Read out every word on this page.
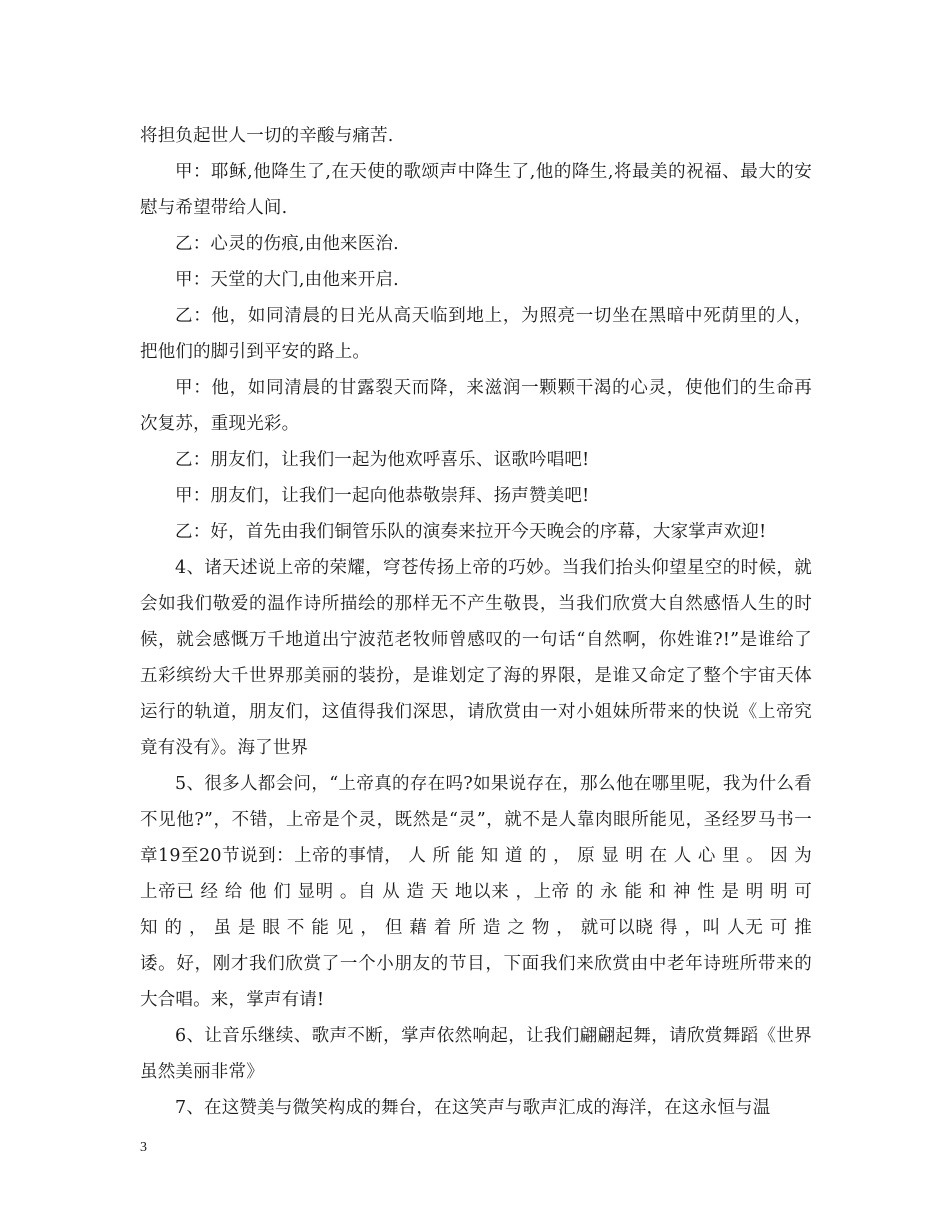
将担负起世人一切的辛酸与痛苦.

甲：耶稣,他降生了,在天使的歌颂声中降生了,他的降生,将最美的祝福、最大的安慰与希望带给人间.

乙：心灵的伤痕,由他来医治.

甲：天堂的大门,由他来开启.

乙：他，如同清晨的日光从高天临到地上，为照亮一切坐在黑暗中死荫里的人，把他们的脚引到平安的路上。

甲：他，如同清晨的甘露裂天而降，来滋润一颗颗干渴的心灵，使他们的生命再次复苏，重现光彩。

乙：朋友们，让我们一起为他欢呼喜乐、讴歌吟唱吧!

甲：朋友们，让我们一起向他恭敬崇拜、扬声赞美吧!

乙：好，首先由我们铜管乐队的演奏来拉开今天晚会的序幕，大家掌声欢迎!

4、诸天述说上帝的荣耀，穹苍传扬上帝的巧妙。当我们抬头仰望星空的时候，就会如我们敬爱的温作诗所描绘的那样无不产生敬畏，当我们欣赏大自然感悟人生的时候，就会感慨万千地道出宁波范老牧师曾感叹的一句话“自然啊，你姓谁?!”是谁给了五彩缤纷大千世界那美丽的装扮，是谁划定了海的界限，是谁又命定了整个宇宙天体运行的轨道，朋友们，这值得我们深思，请欣赏由一对小姐妹所带来的快说《上帝究竟有没有》。海了世界

5、很多人都会问，“上帝真的存在吗?如果说存在，那么他在哪里呢，我为什么看不见他?”，不错，上帝是个灵，既然是“灵”，就不是人靠肉眼所能见，圣经罗马书一章19至20节说到：上帝的事情， 人 所 能 知 道 的 ， 原 显 明 在 人 心 里 。 因 为 上帝已 经 给 他 们 显明 。自 从 造 天 地以来 ，上帝 的 永 能 和 神 性 是 明 明 可 知 的 ， 虽 是 眼 不 能 见 ， 但 藉 着 所 造 之 物 ， 就可以晓 得 ，叫 人无 可 推诿。好，刚才我们欣赏了一个小朋友的节目，下面我们来欣赏由中老年诗班所带来的大合唱。来，掌声有请!

6、让音乐继续、歌声不断，掌声依然响起，让我们翩翩起舞，请欣赏舞蹈《世界虽然美丽非常》

7、在这赞美与微笑构成的舞台，在这笑声与歌声汇成的海洋，在这永恒与温

3
